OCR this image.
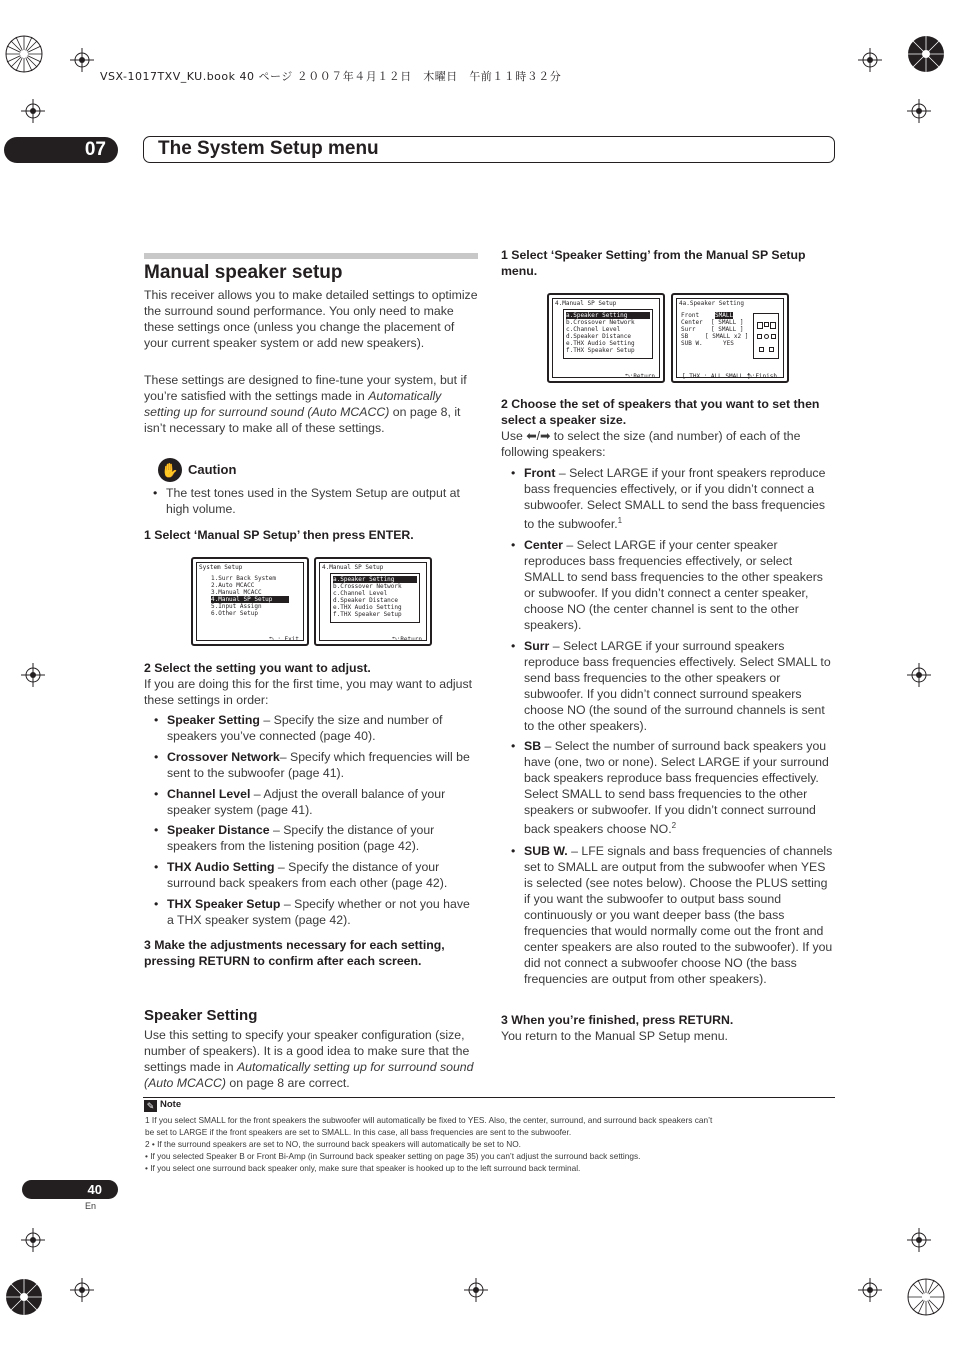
VSX-1017TXV_KU.book 40 ページ ２００７年４月１２日　木曜日　午前１１時３２分
07	The System Setup menu
Manual speaker setup
This receiver allows you to make detailed settings to optimize the surround sound performance. You only need to make these settings once (unless you change the placement of your current speaker system or add new speakers).
These settings are designed to fine-tune your system, but if you’re satisfied with the settings made in Automatically setting up for surround sound (Auto MCACC) on page 8, it isn’t necessary to make all of these settings.
✋ Caution
• The test tones used in the System Setup are output at high volume.
1 Select ‘Manual SP Setup’ then press ENTER.
System Setup
1.Surr Back System
2.Auto MCACC
3.Manual MCACC
4.Manual SP Setup
5.Input Assign
6.Other Setup
⮌ : Exit
4.Manual SP Setup
a.Speaker Setting
b.Crossover Network
c.Channel Level
d.Speaker Distance
e.THX Audio Setting
f.THX Speaker Setup
⮌:Return
2 Select the setting you want to adjust.
If you are doing this for the first time, you may want to adjust these settings in order:
• Speaker Setting – Specify the size and number of speakers you’ve connected (page 40).
• Crossover Network– Specify which frequencies will be sent to the subwoofer (page 41).
• Channel Level – Adjust the overall balance of your speaker system (page 41).
• Speaker Distance – Specify the distance of your speakers from the listening position (page 42).
• THX Audio Setting – Specify the distance of your surround back speakers from each other (page 42).
• THX Speaker Setup – Specify whether or not you have a THX speaker system (page 42).
3 Make the adjustments necessary for each setting, pressing RETURN to confirm after each screen.
Speaker Setting
Use this setting to specify your speaker configuration (size, number of speakers). It is a good idea to make sure that the settings made in Automatically setting up for surround sound (Auto MCACC) on page 8 are correct.
1 Select ‘Speaker Setting’ from the Manual SP Setup menu.
4.Manual SP Setup
a.Speaker Setting
b.Crossover Network
c.Channel Level
d.Speaker Distance
e.THX Audio Setting
f.THX Speaker Setup
⮌:Return
4a.Speaker Setting
Front	SMALL
Center [ SMALL ]
Surr	[ SMALL ]
SB	[ SMALL x2 ]
SUB W.	YES
[ THX : ALL SMALL ]
⮌:Finish
2 Choose the set of speakers that you want to set then select a speaker size.
Use ⬅/➡ to select the size (and number) of each of the following speakers:
• Front – Select LARGE if your front speakers reproduce bass frequencies effectively, or if you didn’t connect a subwoofer. Select SMALL to send the bass frequencies to the subwoofer.$^1$
• Center – Select LARGE if your center speaker reproduces bass frequencies effectively, or select SMALL to send bass frequencies to the other speakers or subwoofer. If you didn’t connect a center speaker, choose NO (the center channel is sent to the other speakers).
• Surr – Select LARGE if your surround speakers reproduce bass frequencies effectively. Select SMALL to send bass frequencies to the other speakers or subwoofer. If you didn’t connect surround speakers choose NO (the sound of the surround channels is sent to the other speakers).
• SB – Select the number of surround back speakers you have (one, two or none). Select LARGE if your surround back speakers reproduce bass frequencies effectively. Select SMALL to send bass frequencies to the other speakers or subwoofer. If you didn’t connect surround back speakers choose NO.$^2$
• SUB W. – LFE signals and bass frequencies of channels set to SMALL are output from the subwoofer when YES is selected (see notes below). Choose the PLUS setting if you want the subwoofer to output bass sound continuously or you want deeper bass (the bass frequencies that would normally come out the front and center speakers are also routed to the subwoofer). If you did not connect a subwoofer choose NO (the bass frequencies are output from other speakers).
3 When you’re finished, press RETURN.
You return to the Manual SP Setup menu.
✎ Note
1 If you select SMALL for the front speakers the subwoofer will automatically be fixed to YES. Also, the center, surround, and surround back speakers can’t
be set to LARGE if the front speakers are set to SMALL. In this case, all bass frequencies are sent to the subwoofer.
2 • If the surround speakers are set to NO, the surround back speakers will automatically be set to NO.
• If you selected Speaker B or Front Bi-Amp (in Surround back speaker setting on page 35) you can’t adjust the surround back settings.
• If you select one surround back speaker only, make sure that speaker is hooked up to the left surround back terminal.
40
En
